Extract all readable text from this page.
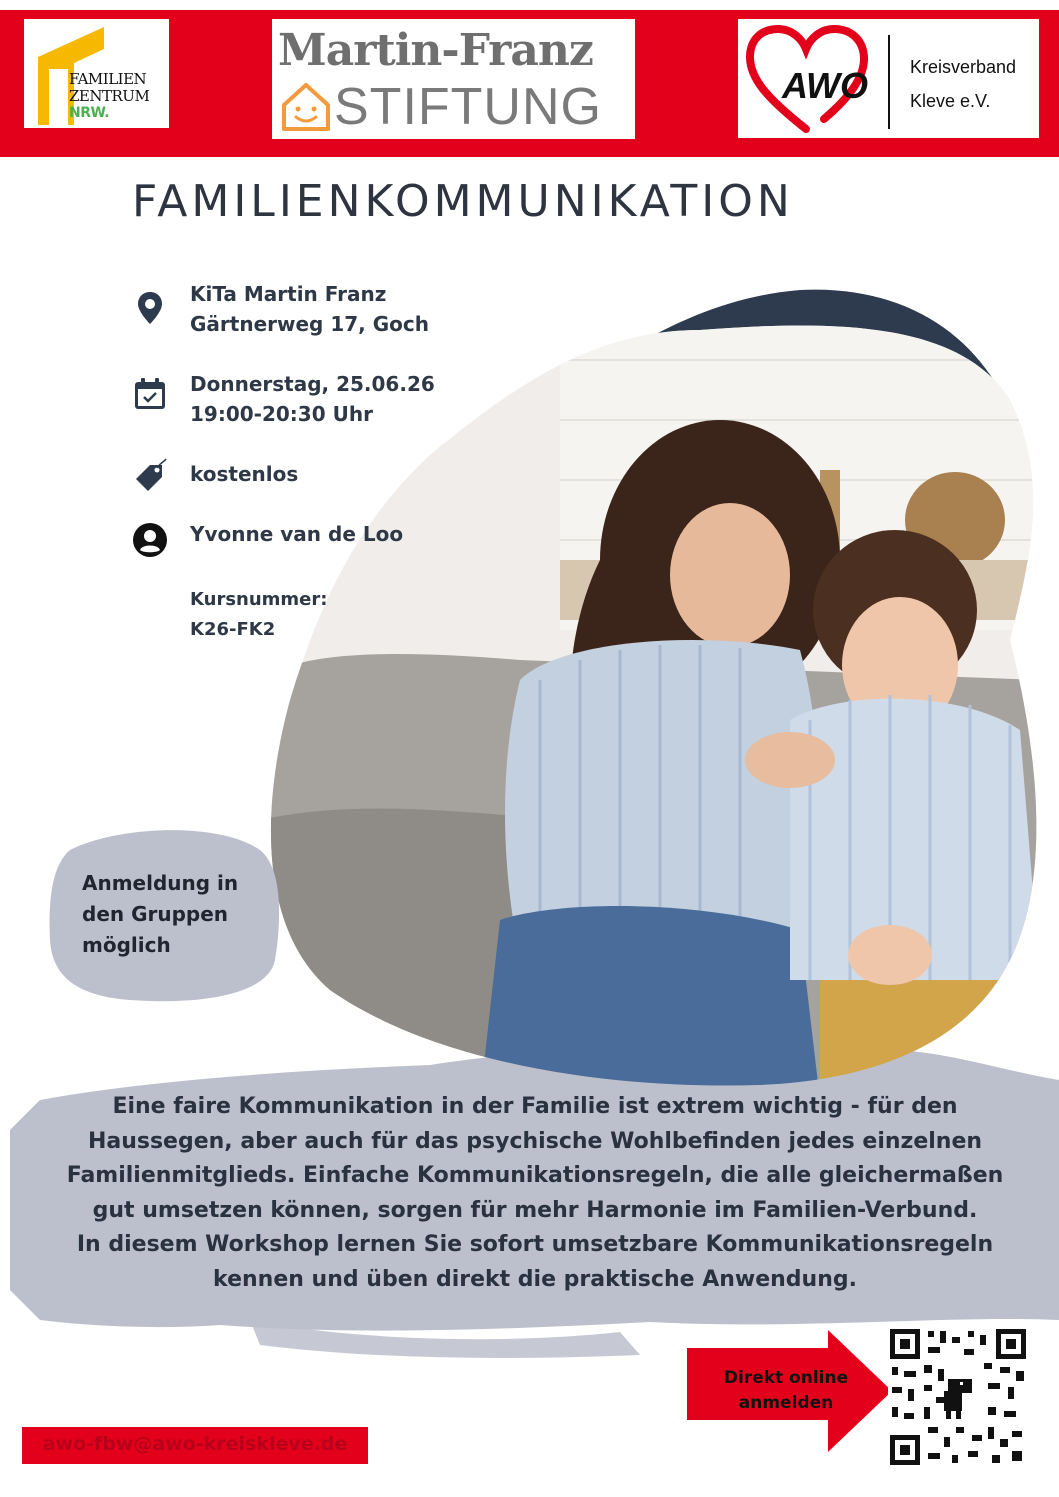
FAMILIEN
ZENTRUM
NRW.
Martin-Franz
STIFTUNG	AWO Kreisverband
Kleve e.V.
FAMILIENKOMMUNIKATION
KiTa Martin Franz
Gärtnerweg 17, Goch
Donnerstag, 25.06.26
19:00-20:30 Uhr
kostenlos
Yvonne van de Loo
Kursnummer:
K26-FK2
Anmeldung in
den Gruppen
möglich
Eine faire Kommunikation in der Familie ist extrem wichtig - für den
Haussegen, aber auch für das psychische Wohlbefinden jedes einzelnen
Familienmitglieds. Einfache Kommunikationsregeln, die alle gleichermaßen
gut umsetzen können, sorgen für mehr Harmonie im Familien-Verbund.
In diesem Workshop lernen Sie sofort umsetzbare Kommunikationsregeln
kennen und üben direkt die praktische Anwendung.
Direkt online
anmelden
awo-fbw@awo-kreiskleve.de
